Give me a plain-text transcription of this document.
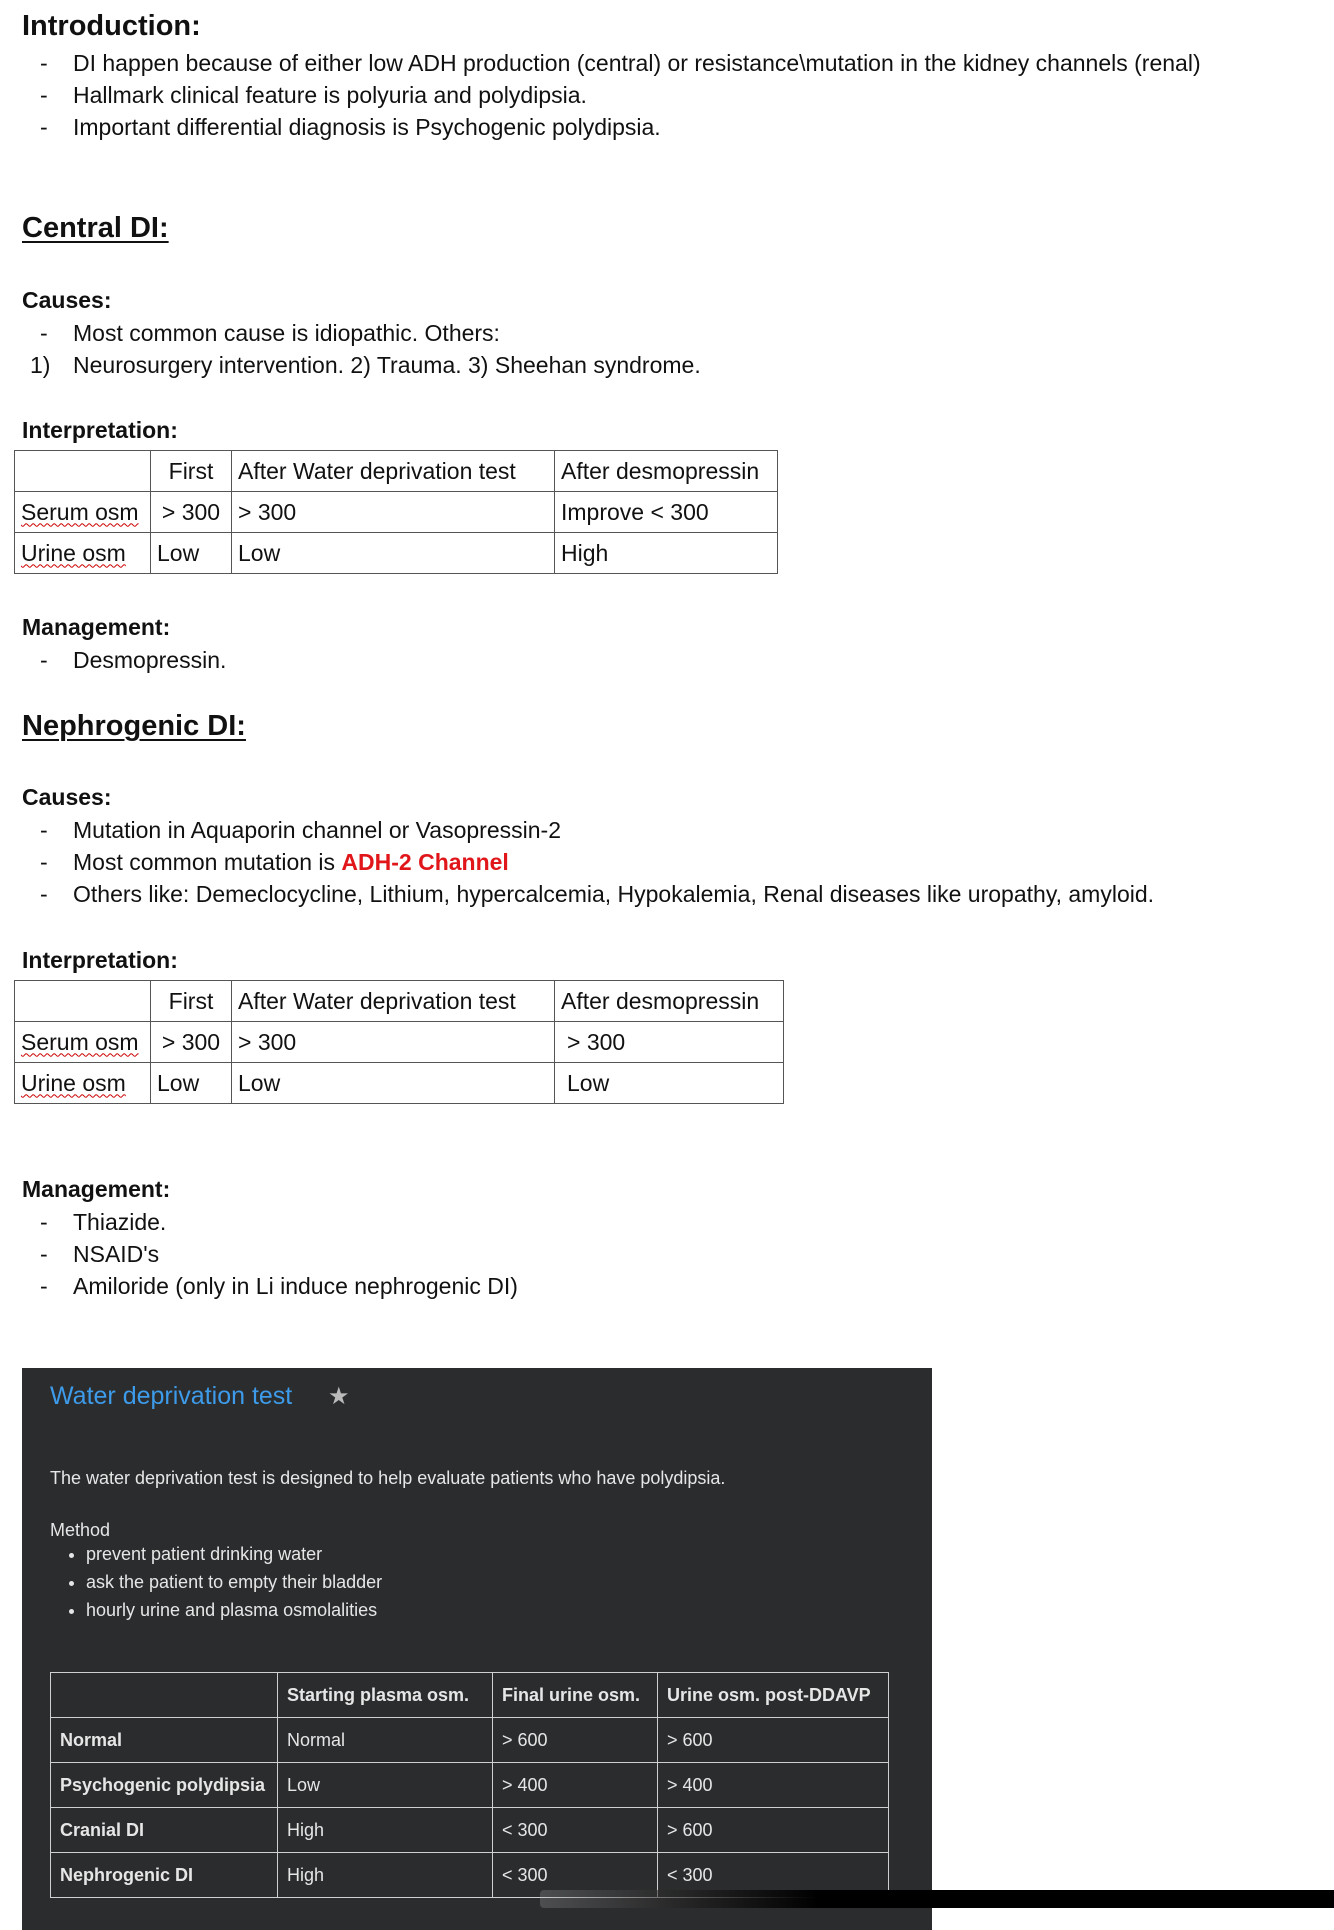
Introduction:
- DI happen because of either low ADH production (central) or resistance\mutation in the kidney channels (renal)
- Hallmark clinical feature is polyuria and polydipsia.
- Important differential diagnosis is Psychogenic polydipsia.
Central DI:
Causes:
- Most common cause is idiopathic. Others:
1) Neurosurgery intervention. 2) Trauma. 3) Sheehan syndrome.
Interpretation:
	First	After Water deprivation test	After desmopressin
Serum osm	> 300	> 300	Improve < 300
Urine osm	Low	Low	High
Management:
- Desmopressin.
Nephrogenic DI:
Causes:
- Mutation in Aquaporin channel or Vasopressin-2
- Most common mutation is ADH-2 Channel
- Others like: Demeclocycline, Lithium, hypercalcemia, Hypokalemia, Renal diseases like uropathy, amyloid.
Interpretation:
	First	After Water deprivation test	After desmopressin
Serum osm	> 300	> 300	> 300
Urine osm	Low	Low	Low
Management:
- Thiazide.
- NSAID's
- Amiloride (only in Li induce nephrogenic DI)
Water deprivation test ★
The water deprivation test is designed to help evaluate patients who have polydipsia.
Method
• prevent patient drinking water
• ask the patient to empty their bladder
• hourly urine and plasma osmolalities
	Starting plasma osm.	Final urine osm.	Urine osm. post-DDAVP
Normal	Normal	> 600	> 600
Psychogenic polydipsia	Low	> 400	> 400
Cranial DI	High	< 300	> 600
Nephrogenic DI	High	< 300	< 300
